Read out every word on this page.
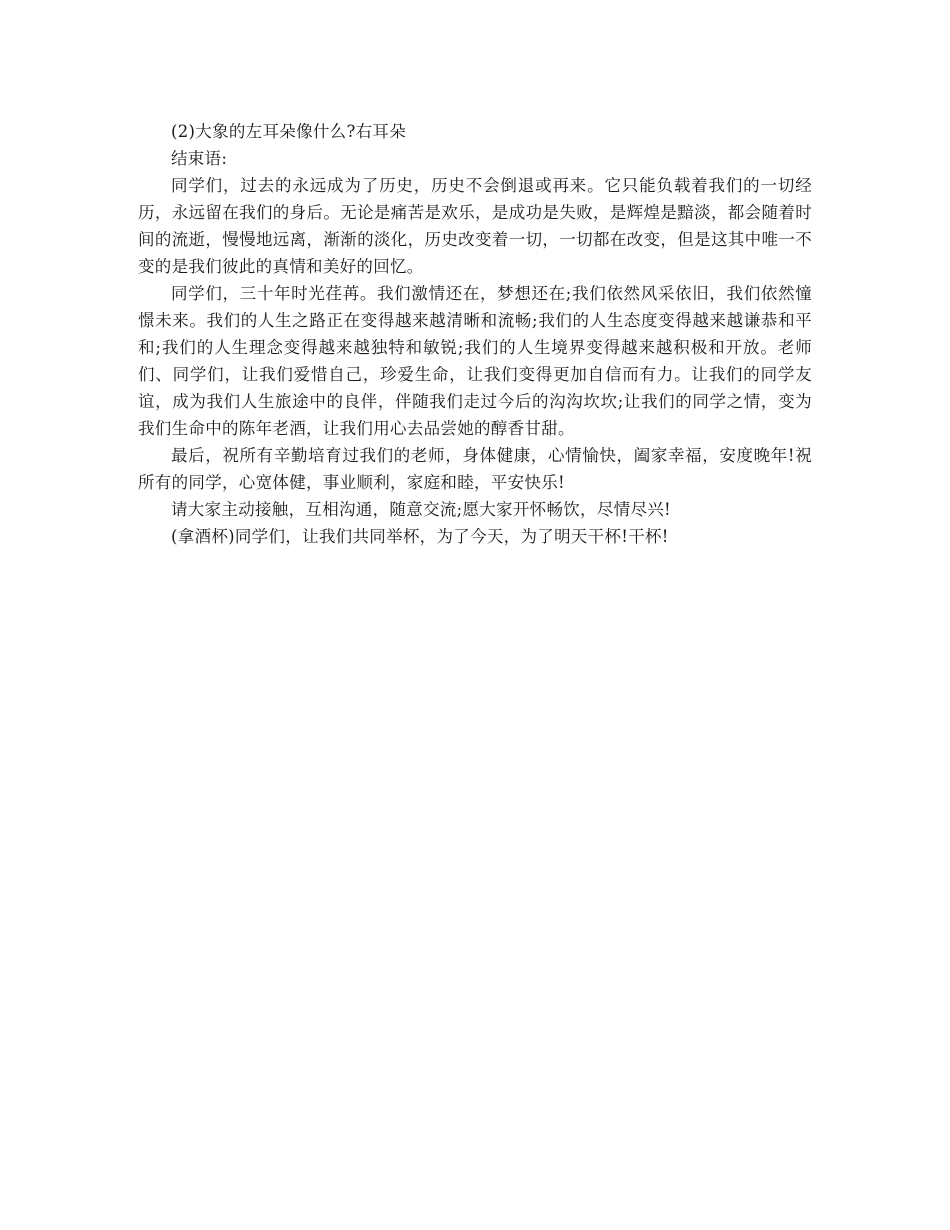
(2)大象的左耳朵像什么?右耳朵

结束语:

同学们，过去的永远成为了历史，历史不会倒退或再来。它只能负载着我们的一切经历，永远留在我们的身后。无论是痛苦是欢乐，是成功是失败，是辉煌是黯淡，都会随着时间的流逝，慢慢地远离，渐渐的淡化，历史改变着一切，一切都在改变，但是这其中唯一不变的是我们彼此的真情和美好的回忆。

同学们，三十年时光荏苒。我们激情还在，梦想还在;我们依然风采依旧，我们依然憧憬未来。我们的人生之路正在变得越来越清晰和流畅;我们的人生态度变得越来越谦恭和平和;我们的人生理念变得越来越独特和敏锐;我们的人生境界变得越来越积极和开放。老师们、同学们，让我们爱惜自己，珍爱生命，让我们变得更加自信而有力。让我们的同学友谊，成为我们人生旅途中的良伴，伴随我们走过今后的沟沟坎坎;让我们的同学之情，变为我们生命中的陈年老酒，让我们用心去品尝她的醇香甘甜。

最后，祝所有辛勤培育过我们的老师，身体健康，心情愉快，阖家幸福，安度晚年!祝所有的同学，心宽体健，事业顺利，家庭和睦，平安快乐!

请大家主动接触，互相沟通，随意交流;愿大家开怀畅饮，尽情尽兴!

(拿酒杯)同学们，让我们共同举杯，为了今天，为了明天干杯!干杯!
